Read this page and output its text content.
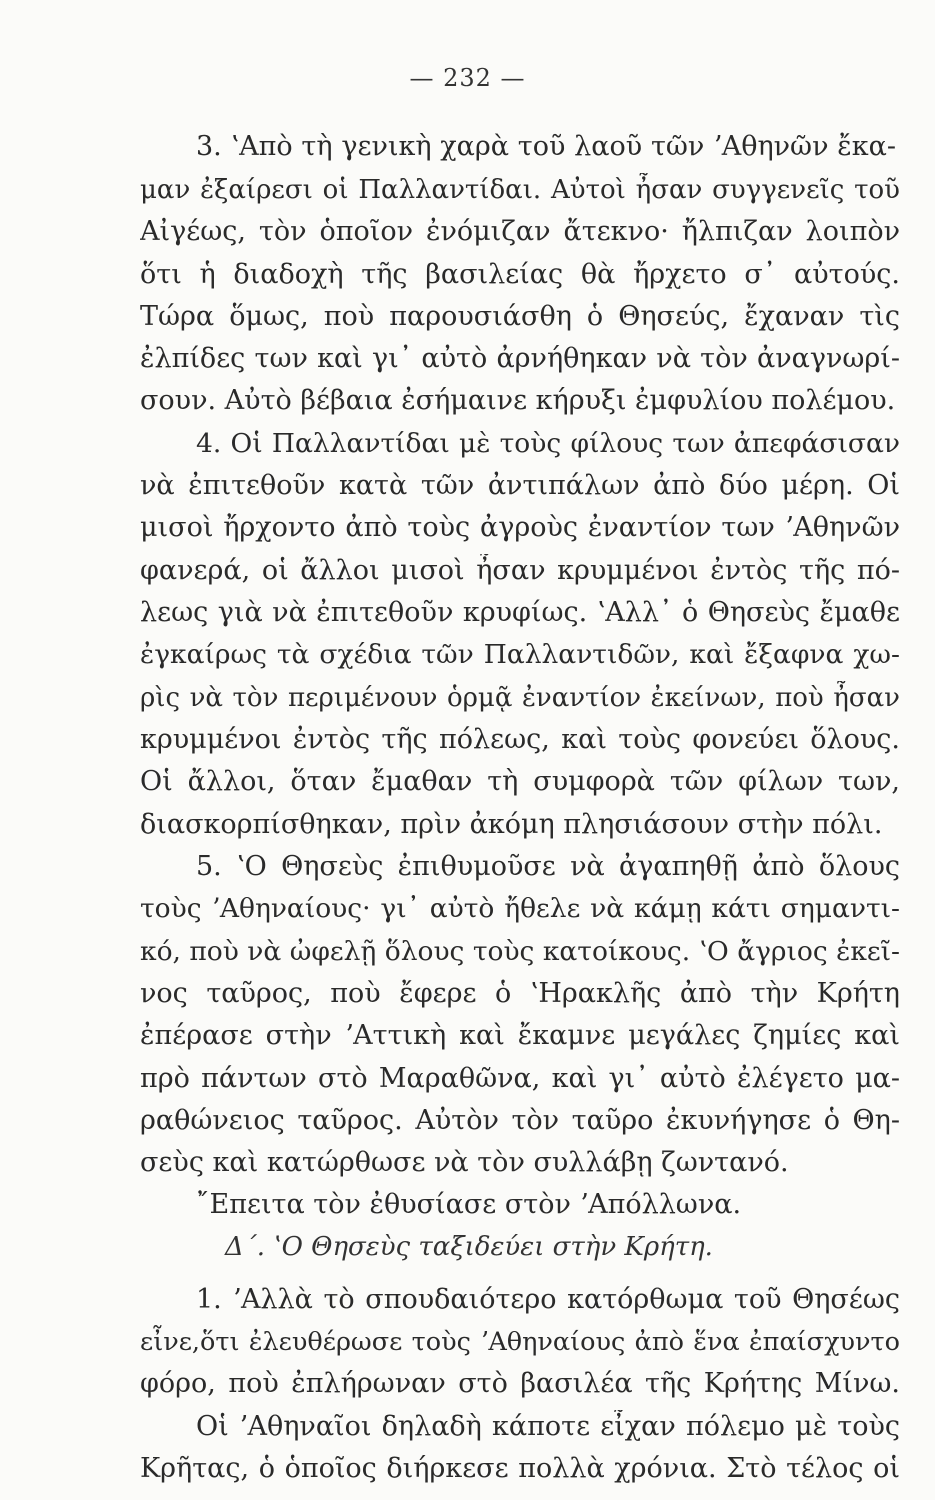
— 232 —
3. ʽΑπὸ τὴ γενικὴ χαρὰ τοῦ λαοῦ τῶν ʼΑθηνῶν ἔκα-
μαν ἐξαίρεσι οἱ Παλλαντίδαι. Αὐτοὶ ἦσαν συγγενεῖς τοῦ
Αἰγέως, τὸν ὁποῖον ἐνόμιζαν ἄτεκνο· ἤλπιζαν λοιπὸν
ὅτι ἡ διαδοχὴ τῆς βασιλείας θὰ ἤρχετο σ᾽ αὐτούς.
Τώρα ὅμως, ποὺ παρουσιάσθη ὁ Θησεύς, ἔχαναν τὶς
ἐλπίδες των καὶ γι᾽ αὐτὸ ἀρνήθηκαν νὰ τὸν ἀναγνωρί-
σουν. Αὐτὸ βέβαια ἐσήμαινε κήρυξι ἐμφυλίου πολέμου.
4. Οἱ Παλλαντίδαι μὲ τοὺς φίλους των ἀπεφάσισαν
νὰ ἐπιτεθοῦν κατὰ τῶν ἀντιπάλων ἀπὸ δύο μέρη. Οἱ
μισοὶ ἤρχοντο ἀπὸ τοὺς ἀγροὺς ἐναντίον των ʼΑθηνῶν
φανερά, οἱ ἄλλοι μισοὶ ἦσαν κρυμμένοι ἐντὸς τῆς πό-
λεως γιὰ νὰ ἐπιτεθοῦν κρυφίως. ʽΑλλ᾽ ὁ Θησεὺς ἔμαθε
ἐγκαίρως τὰ σχέδια τῶν Παλλαντιδῶν, καὶ ἔξαφνα χω-
ρὶς νὰ τὸν περιμένουν ὁρμᾷ ἐναντίον ἐκείνων, ποὺ ἦσαν
κρυμμένοι ἐντὸς τῆς πόλεως, καὶ τοὺς φονεύει ὅλους.
Οἱ ἄλλοι, ὅταν ἔμαθαν τὴ συμφορὰ τῶν φίλων των,
διασκορπίσθηκαν, πρὶν ἀκόμη πλησιάσουν στὴν πόλι.
5. ʽΟ Θησεὺς ἐπιθυμοῦσε νὰ ἀγαπηθῇ ἀπὸ ὅλους
τοὺς ʼΑθηναίους· γι᾽ αὐτὸ ἤθελε νὰ κάμῃ κάτι σημαντι-
κό, ποὺ νὰ ὠφελῇ ὅλους τοὺς κατοίκους. ʽΟ ἄγριος ἐκεῖ-
νος ταῦρος, ποὺ ἔφερε ὁ ʽΗρακλῆς ἀπὸ τὴν Κρήτη
ἐπέρασε στὴν ʼΑττικὴ καὶ ἔκαμνε μεγάλες ζημίες καὶ
πρὸ πάντων στὸ Μαραθῶνα, καὶ γι᾽ αὐτὸ ἐλέγετο μα-
ραθώνειος ταῦρος. Αὐτὸν τὸν ταῦρο ἐκυνήγησε ὁ Θη-
σεὺς καὶ κατώρθωσε νὰ τὸν συλλάβῃ ζωντανό.
῎Επειτα τὸν ἐθυσίασε στὸν ʼΑπόλλωνα.
Δ΄. ʽΟ Θησεὺς ταξιδεύει στὴν Κρήτη.
1. ʼΑλλὰ τὸ σπουδαιότερο κατόρθωμα τοῦ Θησέως
εἶνε,ὅτι ἐλευθέρωσε τοὺς ʼΑθηναίους ἀπὸ ἕνα ἐπαίσχυντο
φόρο, ποὺ ἐπλήρωναν στὸ βασιλέα τῆς Κρήτης Μίνω.
Οἱ ʼΑθηναῖοι δηλαδὴ κάποτε εἶχαν πόλεμο μὲ τοὺς
Κρῆτας, ὁ ὁποῖος διήρκεσε πολλὰ χρόνια. Στὸ τέλος οἱ
